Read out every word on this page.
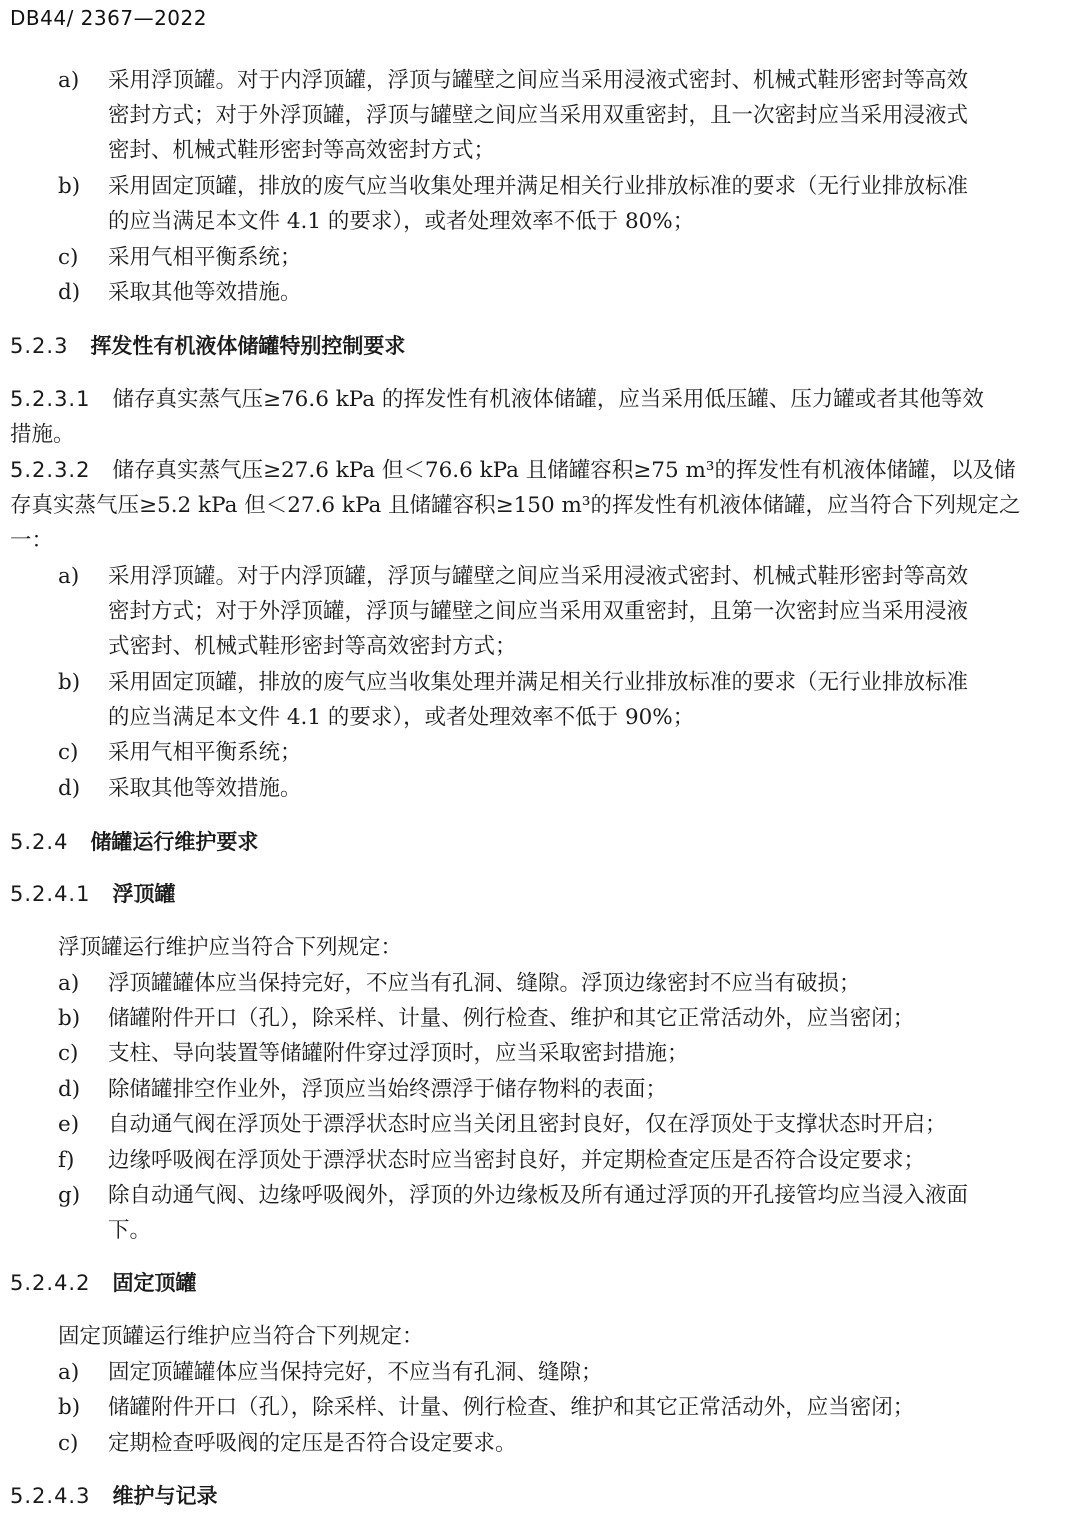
DB44/ 2367—2022
a) 采用浮顶罐。对于内浮顶罐，浮顶与罐壁之间应当采用浸液式密封、机械式鞋形密封等高效
密封方式；对于外浮顶罐，浮顶与罐壁之间应当采用双重密封，且一次密封应当采用浸液式
密封、机械式鞋形密封等高效密封方式；
b) 采用固定顶罐，排放的废气应当收集处理并满足相关行业排放标准的要求（无行业排放标准
的应当满足本文件 4.1 的要求），或者处理效率不低于 80%；
c) 采用气相平衡系统；
d) 采取其他等效措施。
5.2.3 挥发性有机液体储罐特别控制要求
5.2.3.1 储存真实蒸气压≥76.6 kPa 的挥发性有机液体储罐，应当采用低压罐、压力罐或者其他等效
措施。
5.2.3.2 储存真实蒸气压≥27.6 kPa 但＜76.6 kPa 且储罐容积≥75 m³的挥发性有机液体储罐，以及储
存真实蒸气压≥5.2 kPa 但＜27.6 kPa 且储罐容积≥150 m³的挥发性有机液体储罐，应当符合下列规定之
一：
a) 采用浮顶罐。对于内浮顶罐，浮顶与罐壁之间应当采用浸液式密封、机械式鞋形密封等高效
密封方式；对于外浮顶罐，浮顶与罐壁之间应当采用双重密封，且第一次密封应当采用浸液
式密封、机械式鞋形密封等高效密封方式；
b) 采用固定顶罐，排放的废气应当收集处理并满足相关行业排放标准的要求（无行业排放标准
的应当满足本文件 4.1 的要求），或者处理效率不低于 90%；
c) 采用气相平衡系统；
d) 采取其他等效措施。
5.2.4 储罐运行维护要求
5.2.4.1 浮顶罐
浮顶罐运行维护应当符合下列规定：
a) 浮顶罐罐体应当保持完好，不应当有孔洞、缝隙。浮顶边缘密封不应当有破损；
b) 储罐附件开口（孔），除采样、计量、例行检查、维护和其它正常活动外，应当密闭；
c) 支柱、导向装置等储罐附件穿过浮顶时，应当采取密封措施；
d) 除储罐排空作业外，浮顶应当始终漂浮于储存物料的表面；
e) 自动通气阀在浮顶处于漂浮状态时应当关闭且密封良好，仅在浮顶处于支撑状态时开启；
f) 边缘呼吸阀在浮顶处于漂浮状态时应当密封良好，并定期检查定压是否符合设定要求；
g) 除自动通气阀、边缘呼吸阀外，浮顶的外边缘板及所有通过浮顶的开孔接管均应当浸入液面
下。
5.2.4.2 固定顶罐
固定顶罐运行维护应当符合下列规定：
a) 固定顶罐罐体应当保持完好，不应当有孔洞、缝隙；
b) 储罐附件开口（孔），除采样、计量、例行检查、维护和其它正常活动外，应当密闭；
c) 定期检查呼吸阀的定压是否符合设定要求。
5.2.4.3 维护与记录
